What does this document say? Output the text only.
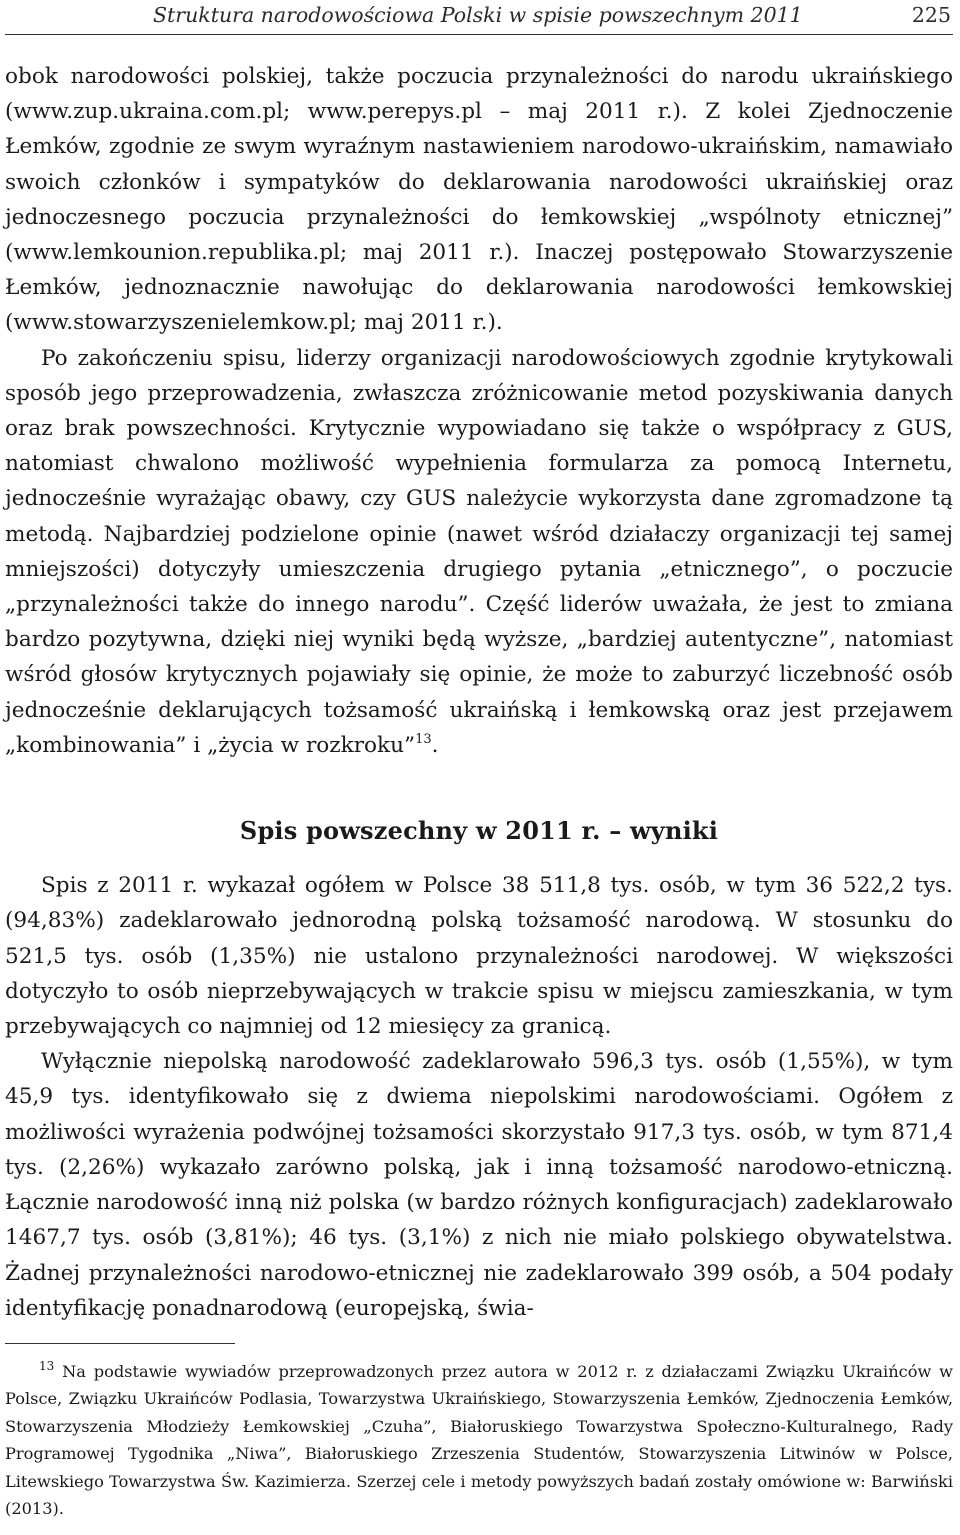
Struktura narodowościowa Polski w spisie powszechnym 2011	225

obok narodowości polskiej, także poczucia przynależności do narodu ukraińskiego (www.zup.ukraina.com.pl; www.perepys.pl – maj 2011 r.). Z kolei Zjednoczenie Łemków, zgodnie ze swym wyraźnym nastawieniem narodowo-ukraińskim, namawiało swoich członków i sympatyków do deklarowania narodowości ukraińskiej oraz jednoczesnego poczucia przynależności do łemkowskiej „wspólnoty etnicznej” (www.lemkounion.republika.pl; maj 2011 r.). Inaczej postępowało Stowarzyszenie Łemków, jednoznacznie nawołując do deklarowania narodowości łemkowskiej (www.stowarzyszenielemkow.pl; maj 2011 r.).

Po zakończeniu spisu, liderzy organizacji narodowościowych zgodnie krytykowali sposób jego przeprowadzenia, zwłaszcza zróżnicowanie metod pozyskiwania danych oraz brak powszechności. Krytycznie wypowiadano się także o współpracy z GUS, natomiast chwalono możliwość wypełnienia formularza za pomocą Internetu, jednocześnie wyrażając obawy, czy GUS należycie wykorzysta dane zgromadzone tą metodą. Najbardziej podzielone opinie (nawet wśród działaczy organizacji tej samej mniejszości) dotyczyły umieszczenia drugiego pytania „etnicznego”, o poczucie „przynależności także do innego narodu”. Część liderów uważała, że jest to zmiana bardzo pozytywna, dzięki niej wyniki będą wyższe, „bardziej autentyczne”, natomiast wśród głosów krytycznych pojawiały się opinie, że może to zaburzyć liczebność osób jednocześnie deklarujących tożsamość ukraińską i łemkowską oraz jest przejawem „kombinowania” i „życia w rozkroku”$^{13}$.

Spis powszechny w 2011 r. – wyniki

Spis z 2011 r. wykazał ogółem w Polsce 38 511,8 tys. osób, w tym 36 522,2 tys. (94,83%) zadeklarowało jednorodną polską tożsamość narodową. W stosunku do 521,5 tys. osób (1,35%) nie ustalono przynależności narodowej. W większości dotyczyło to osób nieprzebywających w trakcie spisu w miejscu zamieszkania, w tym przebywających co najmniej od 12 miesięcy za granicą.

Wyłącznie niepolską narodowość zadeklarowało 596,3 tys. osób (1,55%), w tym 45,9 tys. identyfikowało się z dwiema niepolskimi narodowościami. Ogółem z możliwości wyrażenia podwójnej tożsamości skorzystało 917,3 tys. osób, w tym 871,4 tys. (2,26%) wykazało zarówno polską, jak i inną tożsamość narodowo-etniczną. Łącznie narodowość inną niż polska (w bardzo różnych konfiguracjach) zadeklarowało 1467,7 tys. osób (3,81%); 46 tys. (3,1%) z nich nie miało polskiego obywatelstwa. Żadnej przynależności narodowo-etnicznej nie zadeklarowało 399 osób, a 504 podały identyfikację ponadnarodową (europejską, świa-

$^{13}$ Na podstawie wywiadów przeprowadzonych przez autora w 2012 r. z działaczami Związku Ukraińców w Polsce, Związku Ukraińców Podlasia, Towarzystwa Ukraińskiego, Stowarzyszenia Łemków, Zjednoczenia Łemków, Stowarzyszenia Młodzieży Łemkowskiej „Czuha”, Białoruskiego Towarzystwa Społeczno-Kulturalnego, Rady Programowej Tygodnika „Niwa”, Białoruskiego Zrzeszenia Studentów, Stowarzyszenia Litwinów w Polsce, Litewskiego Towarzystwa Św. Kazimierza. Szerzej cele i metody powyższych badań zostały omówione w: Barwiński (2013).
